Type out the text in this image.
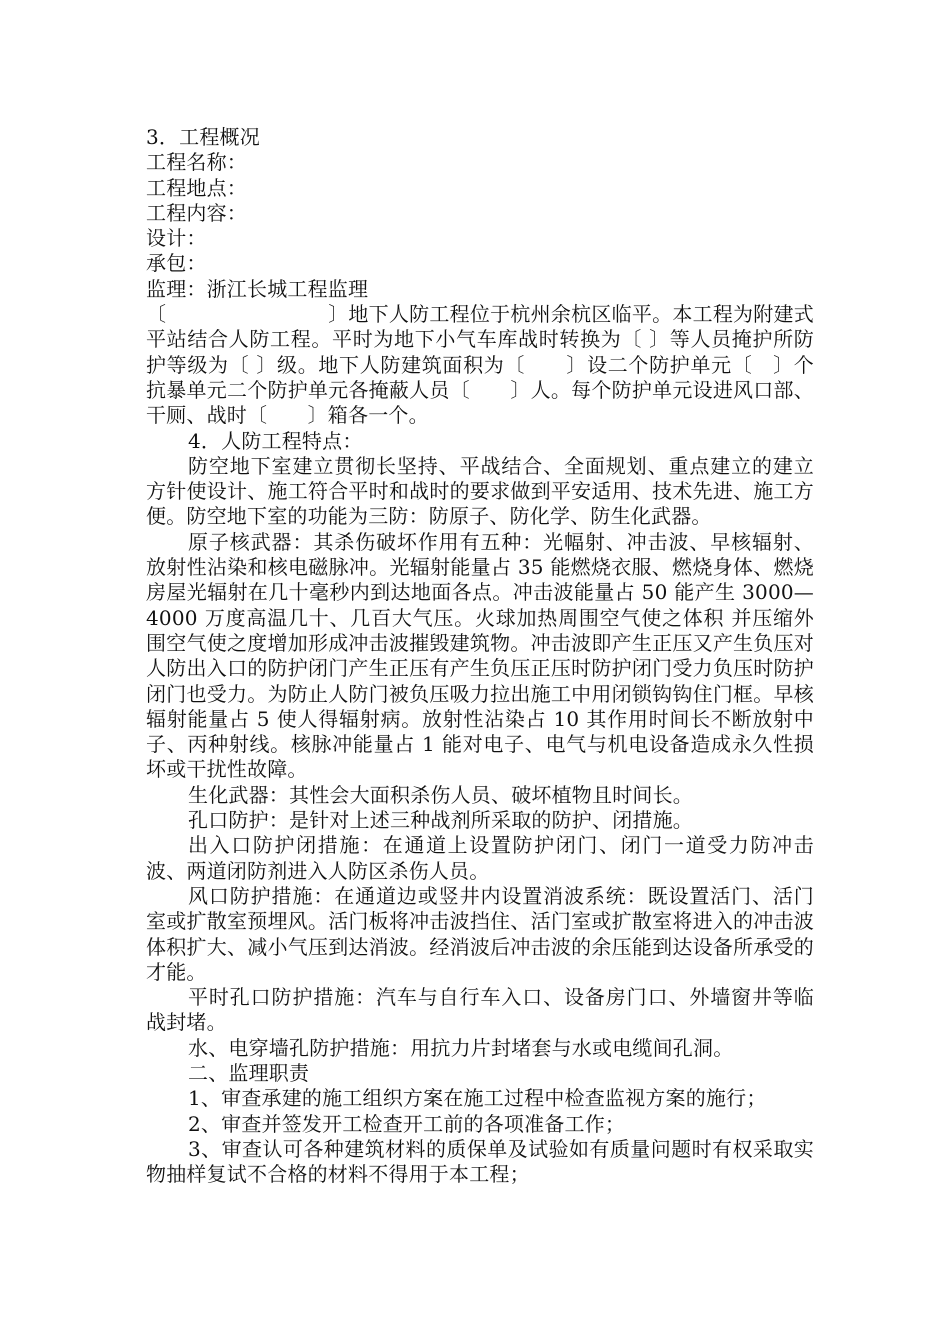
3．工程概况
工程名称：
工程地点：
工程内容：
设计：
承包：
监理：浙江长城工程监理
〔　　　　　　　　〕地下人防工程位于杭州余杭区临平。本工程为附建式平站结合人防工程。平时为地下小气车库战时转换为〔 〕等人员掩护所防护等级为〔 〕级。地下人防建筑面积为〔　　〕设二个防护单元〔　〕个抗暴单元二个防护单元各掩蔽人员〔　　〕人。每个防护单元设进风口部、干厕、战时〔　　〕箱各一个。
4．人防工程特点：
防空地下室建立贯彻长坚持、平战结合、全面规划、重点建立的建立方针使设计、施工符合平时和战时的要求做到平安适用、技术先进、施工方便。防空地下室的功能为三防：防原子、防化学、防生化武器。
原子核武器：其杀伤破坏作用有五种：光幅射、冲击波、早核辐射、放射性沾染和核电磁脉冲。光辐射能量占 35 能燃烧衣服、燃烧身体、燃烧房屋光辐射在几十毫秒内到达地面各点。冲击波能量占 50 能产生 3000—4000 万度高温几十、几百大气压。火球加热周围空气使之体积 并压缩外围空气使之度增加形成冲击波摧毁建筑物。冲击波即产生正压又产生负压对人防出入口的防护闭门产生正压有产生负压正压时防护闭门受力负压时防护闭门也受力。为防止人防门被负压吸力拉出施工中用闭锁钩钩住门框。早核辐射能量占 5 使人得辐射病。放射性沾染占 10 其作用时间长不断放射中子、丙种射线。核脉冲能量占 1 能对电子、电气与机电设备造成永久性损坏或干扰性故障。
生化武器：其性会大面积杀伤人员、破坏植物且时间长。
孔口防护：是针对上述三种战剂所采取的防护、闭措施。
出入口防护闭措施：在通道上设置防护闭门、闭门一道受力防冲击波、两道闭防剂进入人防区杀伤人员。
风口防护措施：在通道边或竖井内设置消波系统：既设置活门、活门室或扩散室预埋风。活门板将冲击波挡住、活门室或扩散室将进入的冲击波体积扩大、减小气压到达消波。经消波后冲击波的余压能到达设备所承受的才能。
平时孔口防护措施：汽车与自行车入口、设备房门口、外墙窗井等临战封堵。
水、电穿墙孔防护措施：用抗力片封堵套与水或电缆间孔洞。
二、监理职责
1、审查承建的施工组织方案在施工过程中检查监视方案的施行；
2、审查并签发开工检查开工前的各项准备工作；
3、审查认可各种建筑材料的质保单及试验如有质量问题时有权采取实物抽样复试不合格的材料不得用于本工程；
